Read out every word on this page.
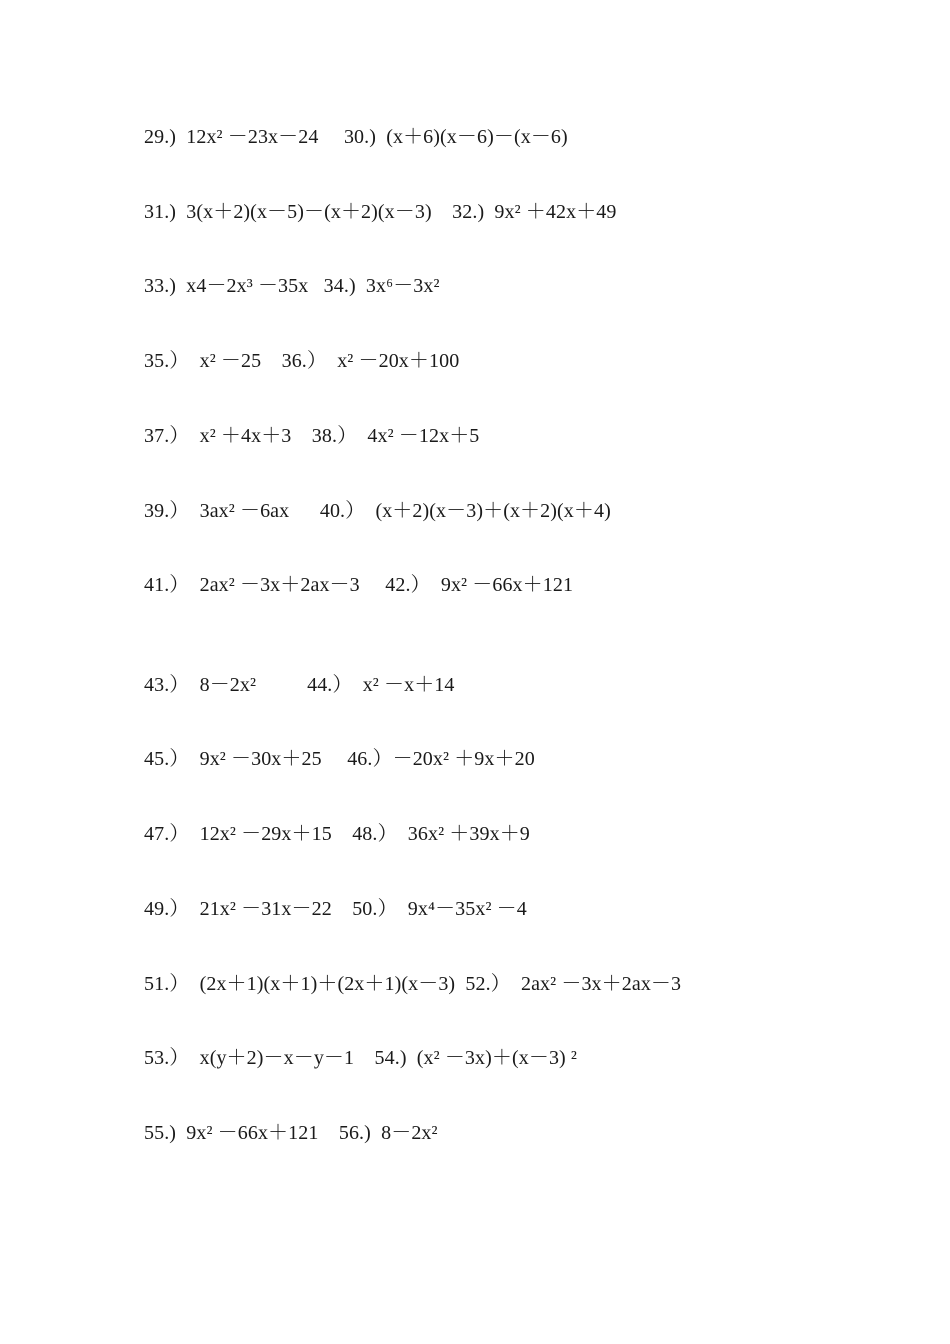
29.)  12x² －23x－24     30.)  (x＋6)(x－6)－(x－6)
31.)  3(x＋2)(x－5)－(x＋2)(x－3)    32.)  9x² ＋42x＋49
33.)  x4－2x³ －35x   34.)  3x⁶－3x²
35.）  x² －25    36.）  x² －20x＋100
37.）  x² ＋4x＋3    38.）  4x² －12x＋5
39.）  3ax² －6ax      40.）  (x＋2)(x－3)＋(x＋2)(x＋4)
41.）  2ax² －3x＋2ax－3     42.）  9x² －66x＋121
43.）  8－2x²          44.）  x² －x＋14
45.）  9x² －30x＋25     46.）－20x² ＋9x＋20
47.）  12x² －29x＋15    48.）  36x² ＋39x＋9
49.）  21x² －31x－22    50.）  9x⁴－35x² －4
51.）  (2x＋1)(x＋1)＋(2x＋1)(x－3)  52.）  2ax² －3x＋2ax－3
53.）  x(y＋2)－x－y－1    54.)  (x² －3x)＋(x－3) ²
55.)  9x² －66x＋121    56.)  8－2x²
